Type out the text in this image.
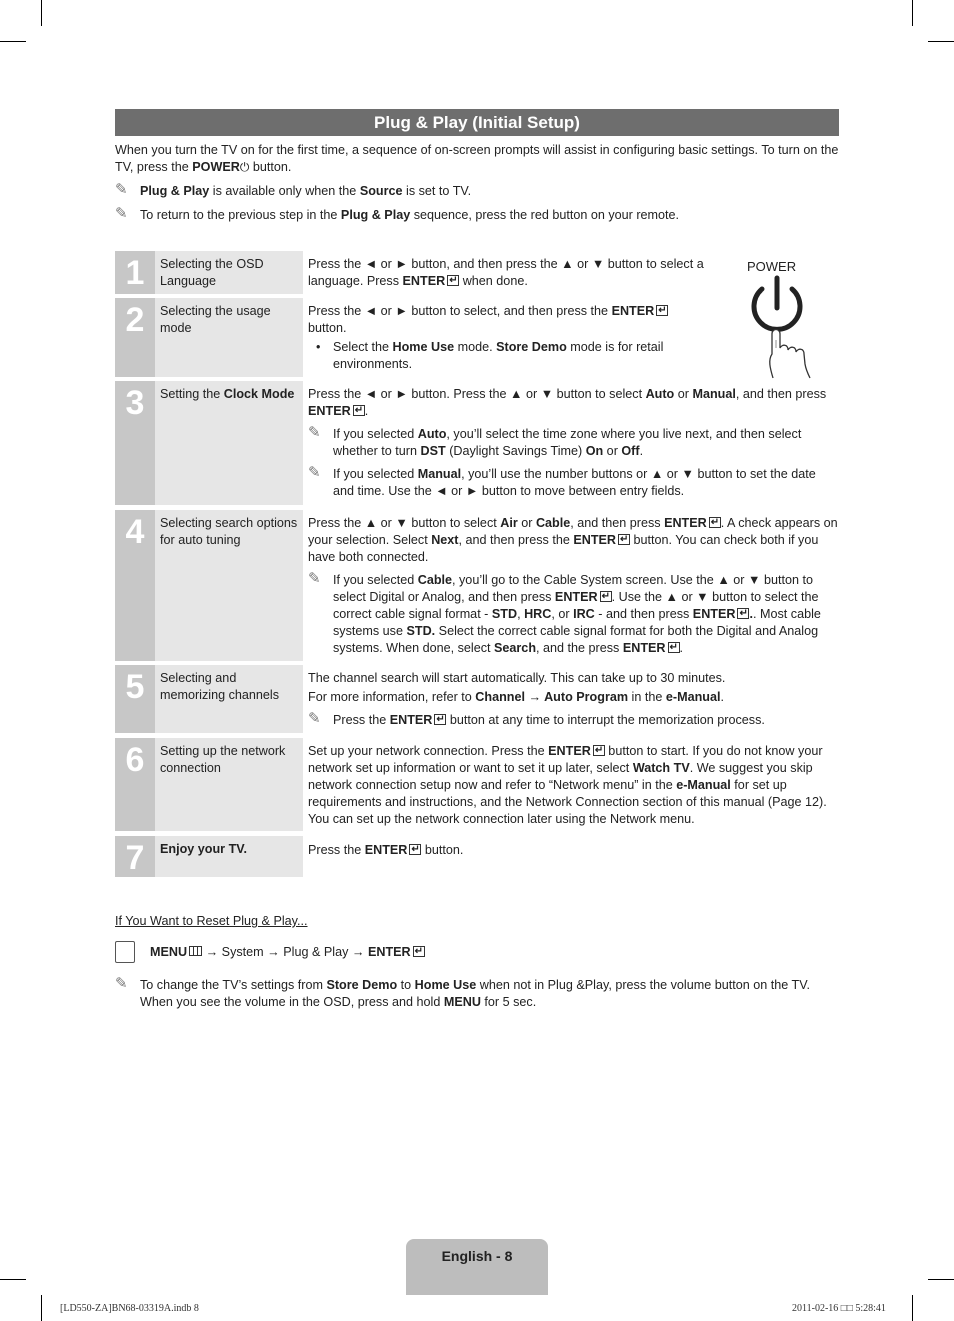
Plug & Play (Initial Setup)
When you turn the TV on for the first time, a sequence of on-screen prompts will assist in configuring basic settings. To turn on the TV, press the POWER⏻ button.
✎ Plug & Play is available only when the Source is set to TV.
✎ To return to the previous step in the Plug & Play sequence, press the red button on your remote.
1	Selecting the OSD Language
Press the ◄ or ► button, and then press the ▲ or ▼ button to select a language. Press ENTER↵ when done.
2	Selecting the usage mode

Press the ◄ or ► button to select, and then press the ENTER↵ button.

• Select the Home Use mode. Store Demo mode is for retail environments.
POWER
3	Setting the Clock Mode	Press the ◄ or ► button. Press the ▲ or ▼ button to select Auto or Manual, and then press ENTER ↵ .

✎ If you selected Auto, you’ll select the time zone where you live next, and then select whether to turn DST (Daylight Savings Time) On or Off.
✎ If you selected Manual, you’ll use the number buttons or ▲ or ▼ button to set the date and time. Use the ◄ or ► button to move between entry fields.
4	Selecting search options for auto tuning

Press the ▲ or ▼ button to select Air or Cable, and then press ENTER ↵ . A check appears on your selection. Select Next, and then press the ENTER↵ button. You can check both if you have both connected.

✎ If you selected Cable, you’ll go to the Cable System screen. Use the ▲ or ▼ button to select Digital or Analog, and then press ENTER ↵ . Use the ▲ or ▼ button to select the correct cable signal format - STD, HRC, or IRC - and then press ENTER ↵ .. Most cable systems use STD. Select the correct cable signal format for both the Digital and Analog systems. When done, select Search, and the press ENTER ↵ .
5	Selecting and memorizing channels

The channel search will start automatically. This can take up to 30 minutes.

For more information, refer to Channel → Auto Program in the e-Manual.

✎ Press the ENTER↵ button at any time to interrupt the memorization process.
6	Setting up the network connection
Set up your network connection. Press the ENTER↵ button to start. If you do not know your network set up information or want to set it up later, select Watch TV. We suggest you skip network connection setup now and refer to “Network menu” in the e-Manual for set up requirements and instructions, and the Network Connection section of this manual (Page 12). You can set up the network connection later using the Network menu.
7	Enjoy your TV.	Press the ENTER↵ button.
If You Want to Reset Plug & Play...
MENU → System → Plug & Play → ENTER↵
✎ To change the TV’s settings from Store Demo to Home Use when not in Plug &Play, press the volume button on the TV. When you see the volume in the OSD, press and hold MENU for 5 sec.
English - 8
[LD550-ZA]BN68-03319A.indb 8	2011-02-16 □□ 5:28:41
